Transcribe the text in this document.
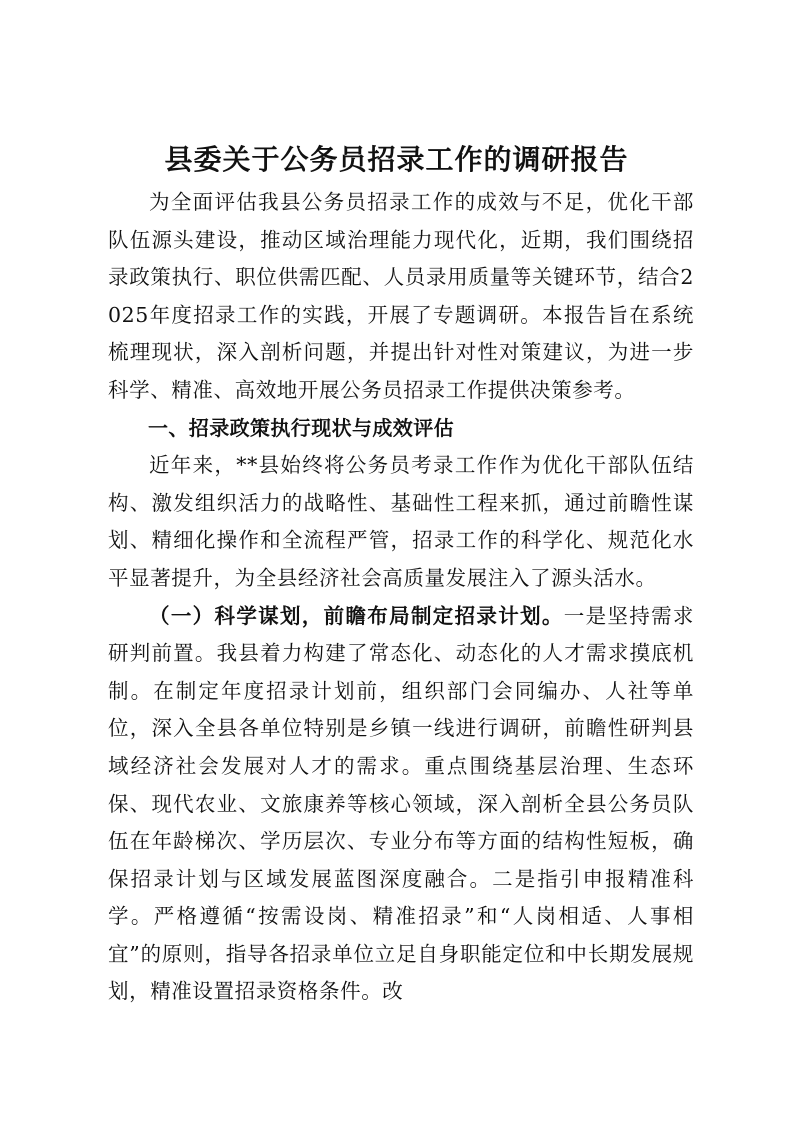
县委关于公务员招录工作的调研报告

为全面评估我县公务员招录工作的成效与不足，优化干部队伍源头建设，推动区域治理能力现代化，近期，我们围绕招录政策执行、职位供需匹配、人员录用质量等关键环节，结合2025年度招录工作的实践，开展了专题调研。本报告旨在系统梳理现状，深入剖析问题，并提出针对性对策建议，为进一步科学、精准、高效地开展公务员招录工作提供决策参考。

一、招录政策执行现状与成效评估

近年来，**县始终将公务员考录工作作为优化干部队伍结构、激发组织活力的战略性、基础性工程来抓，通过前瞻性谋划、精细化操作和全流程严管，招录工作的科学化、规范化水平显著提升，为全县经济社会高质量发展注入了源头活水。

（一）科学谋划，前瞻布局制定招录计划。一是坚持需求研判前置。我县着力构建了常态化、动态化的人才需求摸底机制。在制定年度招录计划前，组织部门会同编办、人社等单位，深入全县各单位特别是乡镇一线进行调研，前瞻性研判县域经济社会发展对人才的需求。重点围绕基层治理、生态环保、现代农业、文旅康养等核心领域，深入剖析全县公务员队伍在年龄梯次、学历层次、专业分布等方面的结构性短板，确保招录计划与区域发展蓝图深度融合。二是指引申报精准科学。严格遵循“按需设岗、精准招录”和“人岗相适、人事相宜”的原则，指导各招录单位立足自身职能定位和中长期发展规划，精准设置招录资格条件。改
